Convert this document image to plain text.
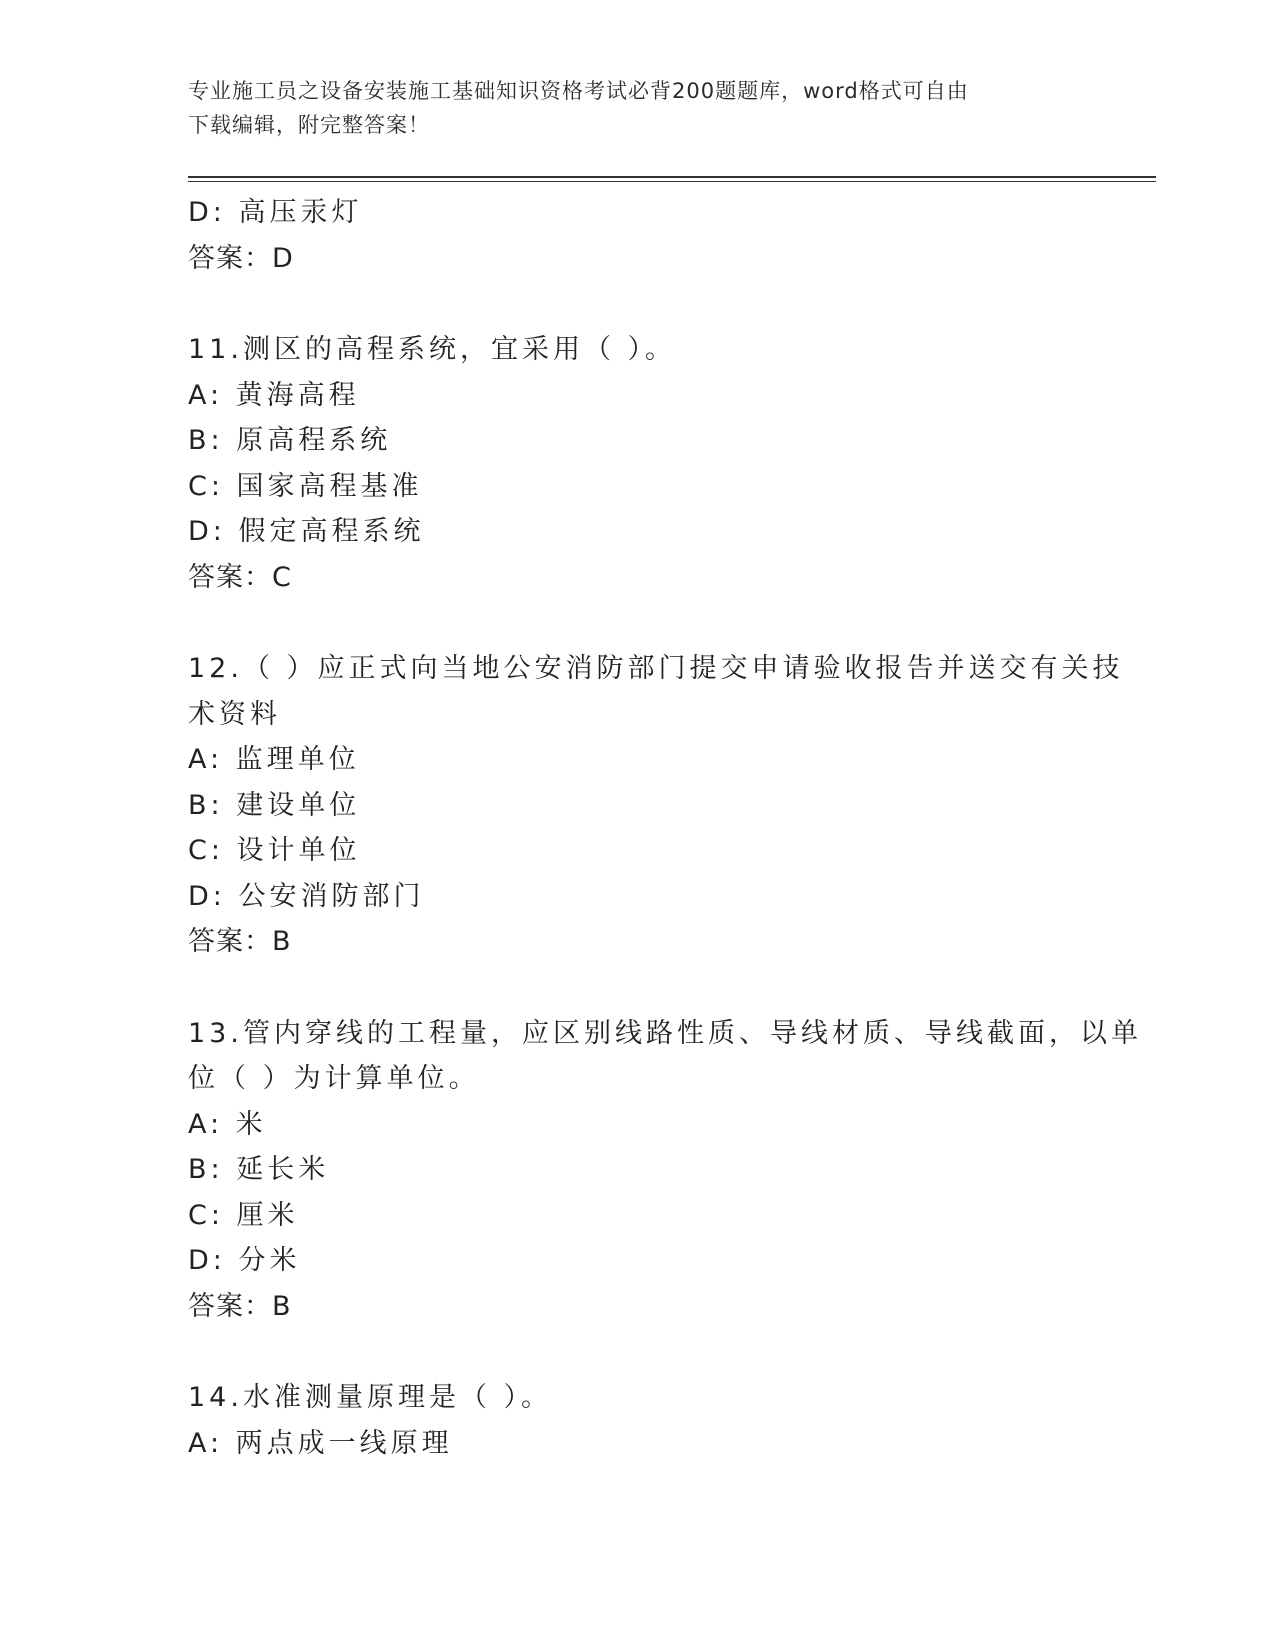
专业施工员之设备安装施工基础知识资格考试必背200题题库，word格式可自由
下载编辑，附完整答案！
D: 高压汞灯
答案：D
11.测区的高程系统，宜采用（ ）。
A: 黄海高程
B: 原高程系统
C: 国家高程基准
D: 假定高程系统
答案：C
12.（ ）应正式向当地公安消防部门提交申请验收报告并送交有关技
术资料
A: 监理单位
B: 建设单位
C: 设计单位
D: 公安消防部门
答案：B
13.管内穿线的工程量，应区别线路性质、导线材质、导线截面，以单
位（ ）为计算单位。
A: 米
B: 延长米
C: 厘米
D: 分米
答案：B
14.水准测量原理是（ ）。
A: 两点成一线原理
